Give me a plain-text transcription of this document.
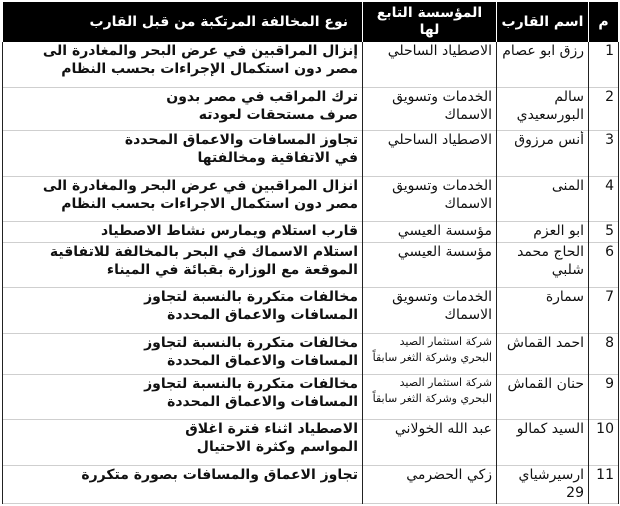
م	اسم القارب	المؤسسة التابع لها	نوع المخالفة المرتكبة من قبل القارب
1	رزق ابو عصام	الاصطياد الساحلي	إنزال المراقبين في عرض البحر والمغادرة الى
مصر دون استكمال الإجراءات بحسب النظام

2	سالم البورسعيدي	الخدمات وتسويق الاسماك	ترك المراقب في مصر بدون
صرف مستحقات لعودته

3	أنس مرزوق	الاصطياد الساحلي	تجاوز المسافات والاعماق المحددة
في الاتفاقية ومخالفتها

4	المنى	الخدمات وتسويق الاسماك	انزال المراقبين في عرض البحر والمغادرة الى
مصر دون استكمال الاجراءات بحسب النظام

5	ابو العزم	مؤسسة العيسي	قارب استلام ويمارس نشاط الاصطياد

6	الحاج محمد شلبي	مؤسسة العيسي	استلام الاسماك في البحر بالمخالفة للاتفاقية
الموقعة مع الوزارة بقبائة في الميناء

7	سمارة	الخدمات وتسويق الاسماك	مخالفات متكررة بالنسبة لتجاوز
المسافات والاعماق المحددة

8	احمد القماش	شركة استثمار الصيد البحري وشركة الثغر سابقاً	مخالفات متكررة بالنسبة لتجاوز
المسافات والاعماق المحددة

9	حنان القماش	شركة استثمار الصيد البحري وشركة الثغر سابقاً	مخالفات متكررة بالنسبة لتجاوز
المسافات والاعماق المحددة

10	السيد كمالو	عبد الله الخولاني	الاصطياد اثناء فترة اغلاق
المواسم وكثرة الاحتيال

11	ارسيرشياي 29	زكي الحضرمي	تجاوز الاعماق والمسافات بصورة متكررة
